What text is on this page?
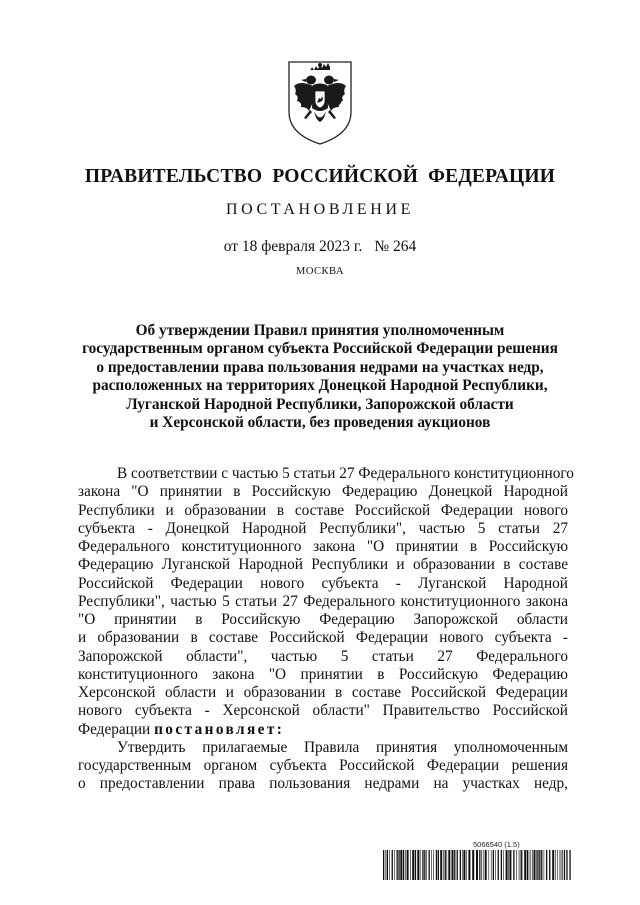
ПРАВИТЕЛЬСТВО РОССИЙСКОЙ ФЕДЕРАЦИИ
ПОСТАНОВЛЕНИЕ
от 18 февраля 2023 г. № 264
МОСКВА
Об утверждении Правил принятия уполномоченным
государственным органом субъекта Российской Федерации решения
о предоставлении права пользования недрами на участках недр,
расположенных на территориях Донецкой Народной Республики,
Луганской Народной Республики, Запорожской области
и Херсонской области, без проведения аукционов
В соответствии с частью 5 статьи 27 Федерального конституционного
закона "О принятии в Российскую Федерацию Донецкой Народной
Республики и образовании в составе Российской Федерации нового
субъекта - Донецкой Народной Республики", частью 5 статьи 27
Федерального конституционного закона "О принятии в Российскую
Федерацию Луганской Народной Республики и образовании в составе
Российской Федерации нового субъекта - Луганской Народной
Республики", частью 5 статьи 27 Федерального конституционного закона
"О принятии в Российскую Федерацию Запорожской области
и образовании в составе Российской Федерации нового субъекта -
Запорожской области", частью 5 статьи 27 Федерального
конституционного закона "О принятии в Российскую Федерацию
Херсонской области и образовании в составе Российской Федерации
нового субъекта - Херсонской области" Правительство Российской
Федерации постановляет:
Утвердить прилагаемые Правила принятия уполномоченным
государственным органом субъекта Российской Федерации решения
о предоставлении права пользования недрами на участках недр,
5066540 (1.5)
